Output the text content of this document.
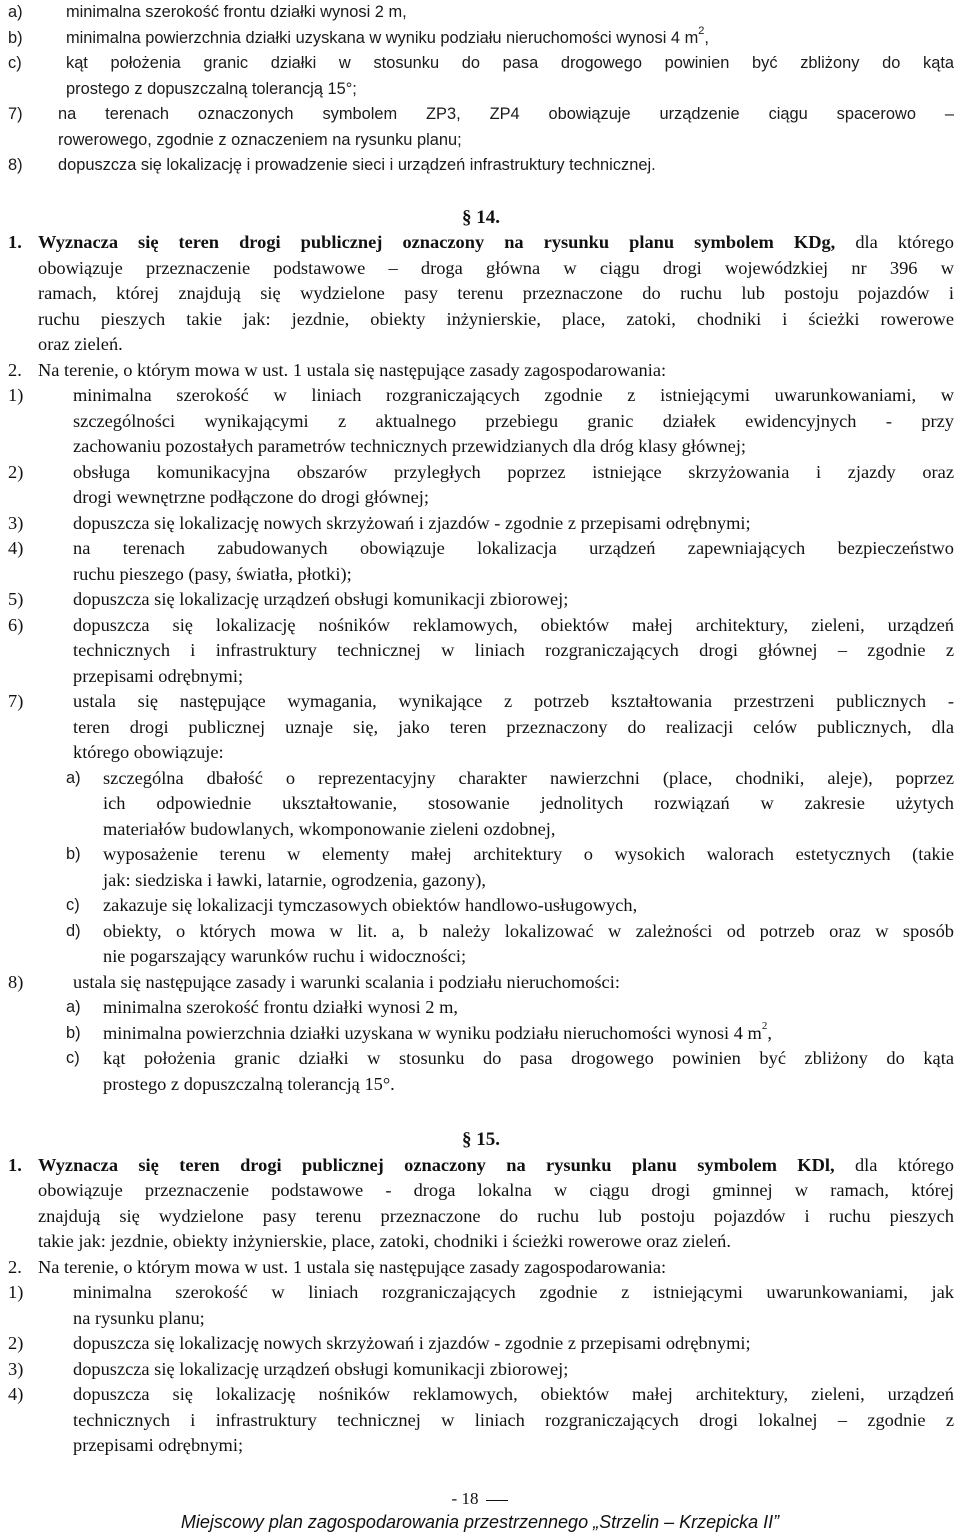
a)	minimalna szerokość frontu działki wynosi 2 m,
b)	minimalna powierzchnia działki uzyskana w wyniku podziału nieruchomości wynosi 4 $m^2$,
c)	kąt położenia granic działki w stosunku do pasa drogowego powinien być zbliżony do kąta
prostego z dopuszczalną tolerancją 15°;
7) na terenach oznaczonych symbolem ZP3, ZP4 obowiązuje urządzenie ciągu spacerowo –
rowerowego, zgodnie z oznaczeniem na rysunku planu;
8) dopuszcza się lokalizację i prowadzenie sieci i urządzeń infrastruktury technicznej.
§ 14.
1. Wyznacza się teren drogi publicznej oznaczony na rysunku planu symbolem KDg, dla którego
obowiązuje przeznaczenie podstawowe – droga główna w ciągu drogi wojewódzkiej nr 396 w
ramach, której znajdują się wydzielone pasy terenu przeznaczone do ruchu lub postoju pojazdów i
ruchu pieszych takie jak: jezdnie, obiekty inżynierskie, place, zatoki, chodniki i ścieżki rowerowe
oraz zieleń.
2. Na terenie, o którym mowa w ust. 1 ustala się następujące zasady zagospodarowania:
1)	minimalna szerokość w liniach rozgraniczających zgodnie z istniejącymi uwarunkowaniami, w
szczególności wynikającymi z aktualnego przebiegu granic działek ewidencyjnych - przy
zachowaniu pozostałych parametrów technicznych przewidzianych dla dróg klasy głównej;
2)	obsługa komunikacyjna obszarów przyległych poprzez istniejące skrzyżowania i zjazdy oraz
drogi wewnętrzne podłączone do drogi głównej;
3)	dopuszcza się lokalizację nowych skrzyżowań i zjazdów - zgodnie z przepisami odrębnymi;
4)	na terenach zabudowanych obowiązuje lokalizacja urządzeń zapewniających bezpieczeństwo
ruchu pieszego (pasy, światła, płotki);
5)	dopuszcza się lokalizację urządzeń obsługi komunikacji zbiorowej;
6)	dopuszcza się lokalizację nośników reklamowych, obiektów małej architektury, zieleni, urządzeń
technicznych i infrastruktury technicznej w liniach rozgraniczających drogi głównej – zgodnie z
przepisami odrębnymi;
7)	ustala się następujące wymagania, wynikające z potrzeb kształtowania przestrzeni publicznych -
teren drogi publicznej uznaje się, jako teren przeznaczony do realizacji celów publicznych, dla
którego obowiązuje:
a) szczególna dbałość o reprezentacyjny charakter nawierzchni (place, chodniki, aleje), poprzez
ich odpowiednie ukształtowanie, stosowanie jednolitych rozwiązań w zakresie użytych
materiałów budowlanych, wkomponowanie zieleni ozdobnej,
b) wyposażenie terenu w elementy małej architektury o wysokich walorach estetycznych (takie
jak: siedziska i ławki, latarnie, ogrodzenia, gazony),
c) zakazuje się lokalizacji tymczasowych obiektów handlowo-usługowych,
d) obiekty, o których mowa w lit. a, b należy lokalizować w zależności od potrzeb oraz w sposób
nie pogarszający warunków ruchu i widoczności;
8)	ustala się następujące zasady i warunki scalania i podziału nieruchomości:
a) minimalna szerokość frontu działki wynosi 2 m,
b) minimalna powierzchnia działki uzyskana w wyniku podziału nieruchomości wynosi 4 $m^2$,
c) kąt położenia granic działki w stosunku do pasa drogowego powinien być zbliżony do kąta
prostego z dopuszczalną tolerancją 15°.
§ 15.
1. Wyznacza się teren drogi publicznej oznaczony na rysunku planu symbolem KDl, dla którego
obowiązuje przeznaczenie podstawowe - droga lokalna w ciągu drogi gminnej w ramach, której
znajdują się wydzielone pasy terenu przeznaczone do ruchu lub postoju pojazdów i ruchu pieszych
takie jak: jezdnie, obiekty inżynierskie, place, zatoki, chodniki i ścieżki rowerowe oraz zieleń.
2. Na terenie, o którym mowa w ust. 1 ustala się następujące zasady zagospodarowania:
1)	minimalna szerokość w liniach rozgraniczających zgodnie z istniejącymi uwarunkowaniami, jak
na rysunku planu;
2)	dopuszcza się lokalizację nowych skrzyżowań i zjazdów - zgodnie z przepisami odrębnymi;
3)	dopuszcza się lokalizację urządzeń obsługi komunikacji zbiorowej;
4)	dopuszcza się lokalizację nośników reklamowych, obiektów małej architektury, zieleni, urządzeń
technicznych i infrastruktury technicznej w liniach rozgraniczających drogi lokalnej – zgodnie z
przepisami odrębnymi;
- 18
Miejscowy plan zagospodarowania przestrzennego „Strzelin – Krzepicka II”
